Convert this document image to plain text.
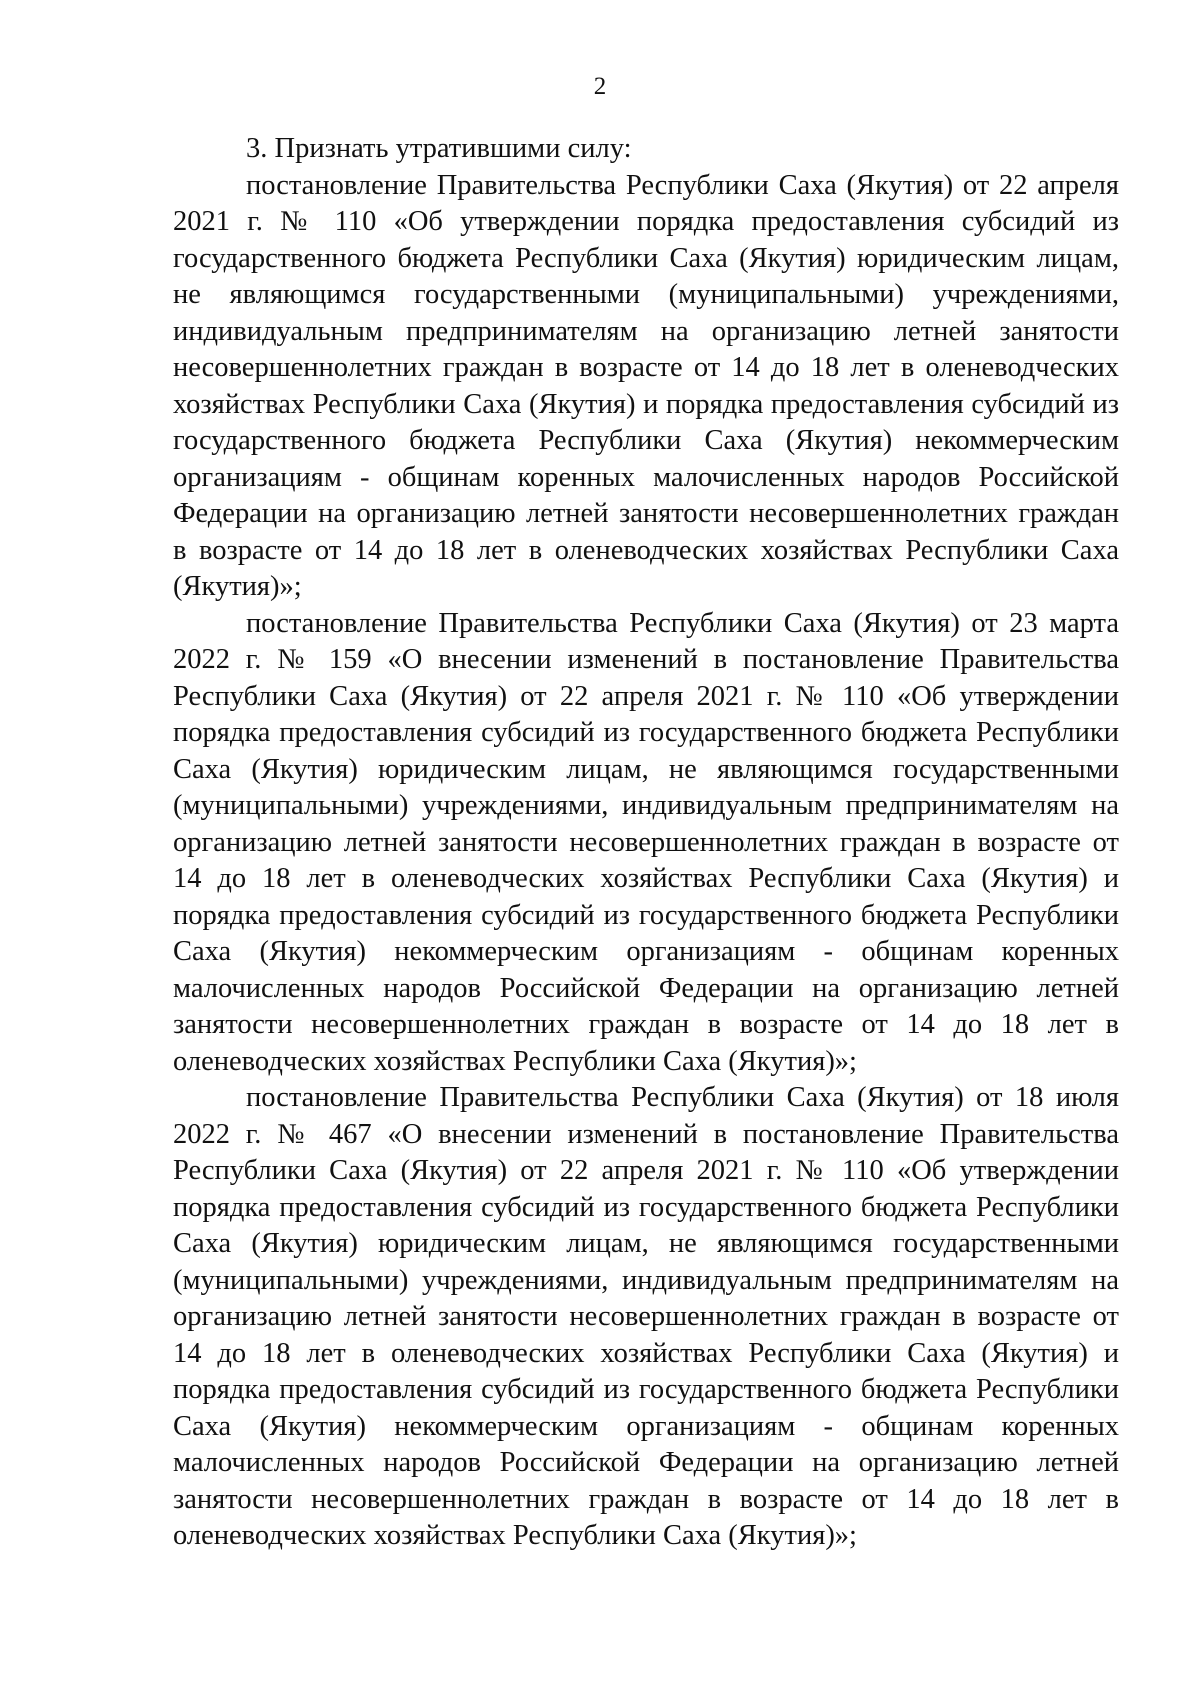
2

3. Признать утратившими силу:

постановление Правительства Республики Саха (Якутия) от 22 апреля 2021 г. № 110 «Об утверждении порядка предоставления субсидий из государственного бюджета Республики Саха (Якутия) юридическим лицам, не являющимся государственными (муниципальными) учреждениями, индивидуальным предпринимателям на организацию летней занятости несовершеннолетних граждан в возрасте от 14 до 18 лет в оленеводческих хозяйствах Республики Саха (Якутия) и порядка предоставления субсидий из государственного бюджета Республики Саха (Якутия) некоммерческим организациям - общинам коренных малочисленных народов Российской Федерации на организацию летней занятости несовершеннолетних граждан в возрасте от 14 до 18 лет в оленеводческих хозяйствах Республики Саха (Якутия)»;

постановление Правительства Республики Саха (Якутия) от 23 марта 2022 г. № 159 «О внесении изменений в постановление Правительства Республики Саха (Якутия) от 22 апреля 2021 г. № 110 «Об утверждении порядка предоставления субсидий из государственного бюджета Республики Саха (Якутия) юридическим лицам, не являющимся государственными (муниципальными) учреждениями, индивидуальным предпринимателям на организацию летней занятости несовершеннолетних граждан в возрасте от 14 до 18 лет в оленеводческих хозяйствах Республики Саха (Якутия) и порядка предоставления субсидий из государственного бюджета Республики Саха (Якутия) некоммерческим организациям - общинам коренных малочисленных народов Российской Федерации на организацию летней занятости несовершеннолетних граждан в возрасте от 14 до 18 лет в оленеводческих хозяйствах Республики Саха (Якутия)»;

постановление Правительства Республики Саха (Якутия) от 18 июля 2022 г. № 467 «О внесении изменений в постановление Правительства Республики Саха (Якутия) от 22 апреля 2021 г. № 110 «Об утверждении порядка предоставления субсидий из государственного бюджета Республики Саха (Якутия) юридическим лицам, не являющимся государственными (муниципальными) учреждениями, индивидуальным предпринимателям на организацию летней занятости несовершеннолетних граждан в возрасте от 14 до 18 лет в оленеводческих хозяйствах Республики Саха (Якутия) и порядка предоставления субсидий из государственного бюджета Республики Саха (Якутия) некоммерческим организациям - общинам коренных малочисленных народов Российской Федерации на организацию летней занятости несовершеннолетних граждан в возрасте от 14 до 18 лет в оленеводческих хозяйствах Республики Саха (Якутия)»;
